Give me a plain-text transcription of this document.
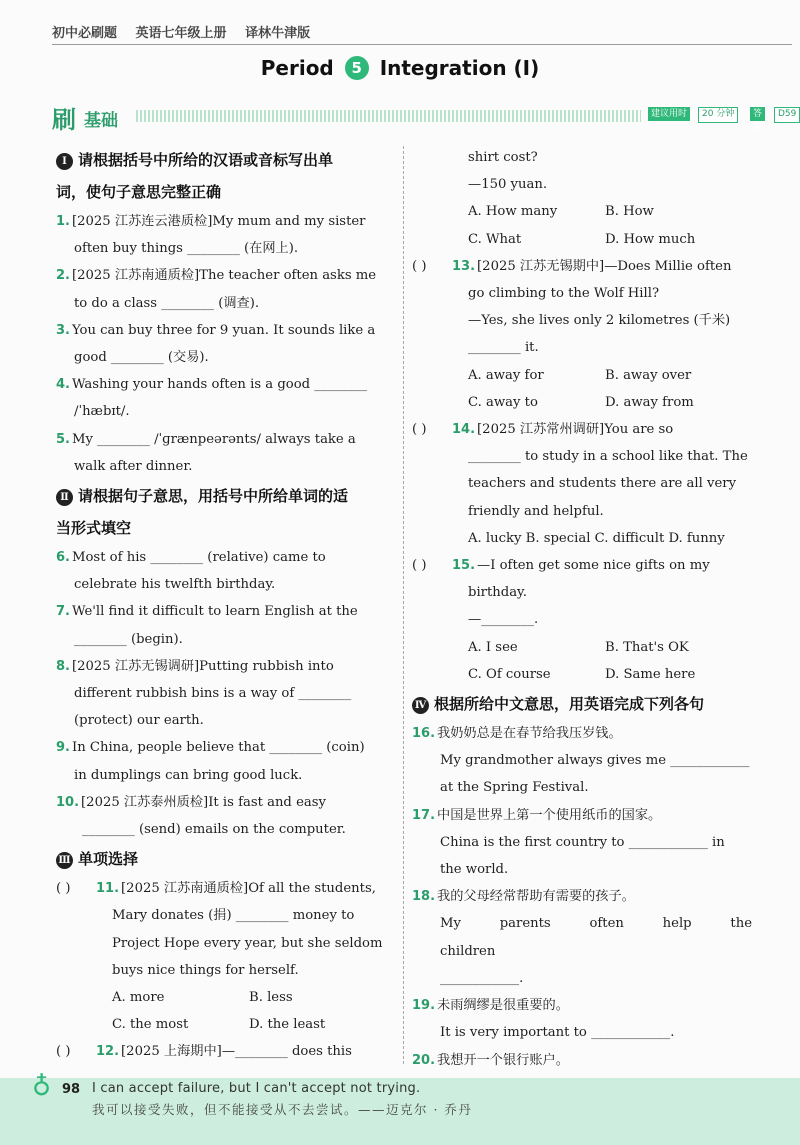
初中必刷题 英语七年级上册 译林牛津版
Period 5 Integration (Ⅰ)
刷 基础	建议用时	20 分钟	答案
D59

Ⅰ 请根据括号中所给的汉语或音标写出单

词，使句子意思完整正确

1. [2025 江苏连云港质检]My mum and my sister

often buy things ________ (在网上).

2. [2025 江苏南通质检]The teacher often asks me

to do a class ________ (调查).

3. You can buy three for 9 yuan. It sounds like a

good ________ (交易).

4. Washing your hands often is a good ________

/ˈhæbɪt/.

5. My ________ /ˈɡrænpeərənts/ always take a

walk after dinner.

Ⅱ 请根据句子意思，用括号中所给单词的适

当形式填空

6. Most of his ________ (relative) came to

celebrate his twelfth birthday.

7. We'll find it difficult to learn English at the

________ (begin).

8. [2025 江苏无锡调研]Putting rubbish into

different rubbish bins is a way of ________

(protect) our earth.

9. In China, people believe that ________ (coin)

in dumplings can bring good luck.

10. [2025 江苏泰州质检]It is fast and easy

________ (send) emails on the computer.

Ⅲ 单项选择

( ) 11. [2025 江苏南通质检]Of all the students,

Mary donates (捐) ________ money to

Project Hope every year, but she seldom

buys nice things for herself.

A. more	B. less
C. the most	D. the least

( ) 12. [2025 上海期中]—________ does this

shirt cost?

—150 yuan.

A. How many	B. How
C. What	D. How much

( ) 13. [2025 江苏无锡期中]—Does Millie often

go climbing to the Wolf Hill?

—Yes, she lives only 2 kilometres (千米)

________ it.

A. away for	B. away over
C. away to	D. away from

( ) 14. [2025 江苏常州调研]You are so

________ to study in a school like that. The

teachers and students there are all very

friendly and helpful.

A. lucky B. special C. difficult D. funny

( ) 15. —I often get some nice gifts on my

birthday.

—________.

A. I see	B. That's OK
C. Of course	D. Same here

Ⅳ 根据所给中文意思，用英语完成下列各句

16. 我奶奶总是在春节给我压岁钱。

My grandmother always gives me ____________

at the Spring Festival.

17. 中国是世界上第一个使用纸币的国家。

China is the first country to ____________ in

the world.

18. 我的父母经常帮助有需要的孩子。

My parents often help the children

____________.

19. 未雨绸缪是很重要的。

It is very important to ____________.

20. 我想开一个银行账户。

♁ 98 I can accept failure, but I can't accept not trying.
我可以接受失败，但不能接受从不去尝试。——迈克尔 · 乔丹
